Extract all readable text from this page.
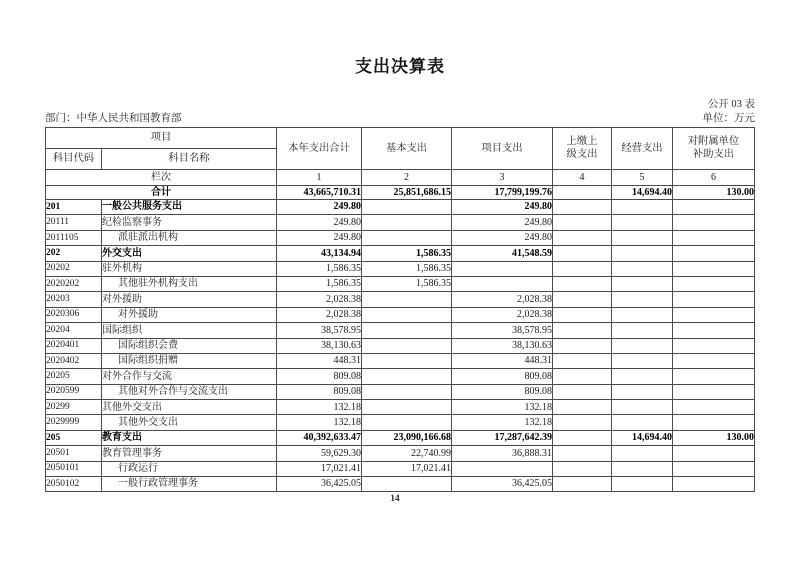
支出决算表
公开 03 表
部门：中华人民共和国教育部	单位：万元
项目		本年支出合计	基本支出	项目支出	上缴上
级支出	经营支出	对附属单位
补助支出

科目代码	科目名称						
栏次		1	2	3	4	5	6
合计		43,665,710.31	25,851,686.15	17,799,199.76		14,694.40	130.00
201	一般公共服务支出	249.80		249.80			
20111	纪检监察事务	249.80		249.80			
2011105	派驻派出机构	249.80		249.80			
202	外交支出	43,134.94	1,586.35	41,548.59			
20202	驻外机构	1,586.35	1,586.35				
2020202	其他驻外机构支出	1,586.35	1,586.35				
20203	对外援助	2,028.38		2,028.38			
2020306	对外援助	2,028.38		2,028.38			
20204	国际组织	38,578.95		38,578.95			
2020401	国际组织会费	38,130.63		38,130.63			
2020402	国际组织捐赠	448.31		448.31			
20205	对外合作与交流	809.08		809.08			
2020599	其他对外合作与交流支出	809.08		809.08			
20299	其他外交支出	132.18		132.18			
2029999	其他外交支出	132.18		132.18			
205	教育支出	40,392,633.47	23,090,166.68	17,287,642.39		14,694.40	130.00
20501	教育管理事务	59,629.30	22,740.99	36,888.31			
2050101	行政运行	17,021.41	17,021.41				
2050102	一般行政管理事务	36,425.05		36,425.05			
14
